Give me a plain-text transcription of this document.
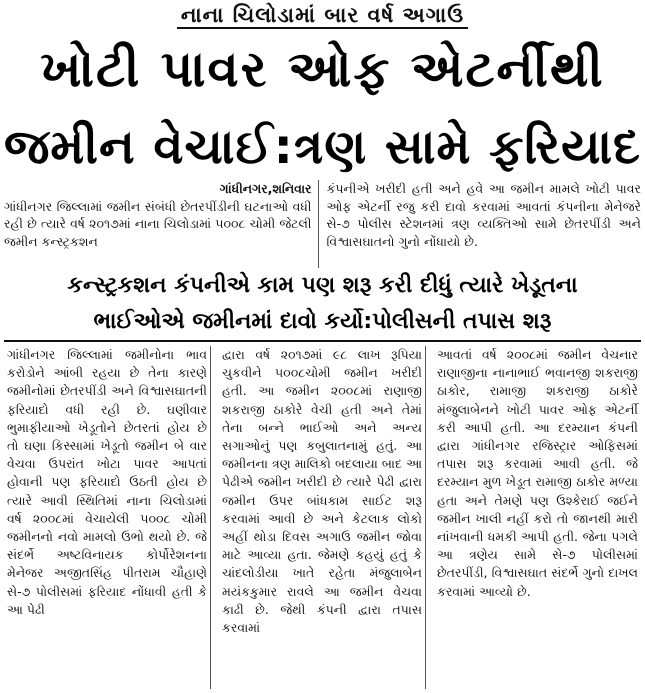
નાના ચિલોડામાં બાર વર્ષ અગાઉ
ખોટી પાવર ઓફ એટર્નીથી
જમીન વેચાઈ:ત્રણ સામે ફરિયાદ
ગાંધીનગર,શનિવાર
ગાંધીનગર જિલ્લામાં જમીન સંબંધી છેતરપીંડીની ઘટનાઓ વધી રહી છે ત્યારે વર્ષ ૨૦૧૭માં નાના ચિલોડામાં ૫૦૦૮ ચોમી જેટલી જમીન કન્સ્ટ્રકશન
કંપનીએ ખરીદી હતી અને હવે આ જમીન મામલે ખોટી પાવર ઓફ એટર્ની રજુ કરી દાવો કરવામાં આવતાં કંપનીના મેનેજરે સે-૭ પોલીસ સ્ટેશનમાં ત્રણ વ્યક્તિઓ સામે છેતરપીંડી અને વિશ્વાસઘાતનો ગુનો નોંધાયો છે.
કન્સ્ટ્રકશન કંપનીએ કામ પણ શરૂ કરી દીધું ત્યારે ખેડૂતના
ભાઈઓએ જમીનમાં દાવો કર્યો:પોલીસની તપાસ શરૂ
ગાંધીનગર જિલ્લામાં જમીનોના ભાવ કરોડોને આંબી રહયા છે તેના કારણે જમીનોમાં છેતરપીંડી અને વિશ્વાસઘાતની ફરિયાદો વધી રહી છે. ઘણીવાર ભુમાફીયાઓ ખેડૂતોને છેતરતાં હોય છે તો ઘણા કિસ્સામાં ખેડૂતો જમીન બે વાર વેચવા ઉપરાંત ખોટા પાવર આપતાં હોવાની પણ ફરિયાદો ઉઠતી હોય છે ત્યારે આવી સ્થિતિમાં નાના ચિલોડામાં વર્ષ ૨૦૦૮માં વેચાયેલી ૫૦૦૮ ચોમી જમીનનો નવો મામલો ઉભો થયો છે. જે સંદર્ભે અષ્ટવિનાયક કોર્પોરેશનના મેનેજર અજીતસિંહ પીતરામ ચૌહાણે સે-૭ પોલીસમાં ફરિયાદ નોંધાવી હતી કે આ પેઢી
દ્વારા વર્ષ ૨૦૧૭માં ૯૮ લાખ રૂપિયા ચુકવીને ૫૦૦૮ચોમી જમીન ખરીદી હતી. આ જમીન ૨૦૦૮માં રાણાજી શકરાજી ઠાકોરે વેચી હતી અને તેમાં તેના બન્ને ભાઈઓ અને અન્ય સગાઓનું પણ કબુલાતનામું હતું. આ જમીનના ત્રણ માલિકો બદલાયા બાદ આ પેઢીએ જમીન ખરીદી છે ત્યારે પેઢી દ્વારા જમીન ઉપર બાંધકામ સાઈટ શરૂ કરવામાં આવી છે અને કેટલાક લોકો અહીં થોડા દિવસ અગાઉ જમીન જોવા માટે આવ્યા હતા. જેમણે કહયું હતું કે ચાંદલોડીયા ખાતે રહેતા મંજુલાબેન મયંકકુમાર રાવલે આ જમીન વેચવા કાઢી છે. જેથી કંપની દ્વારા તપાસ કરવામાં
આવતાં વર્ષ ૨૦૦૮માં જમીન વેચનાર રાણાજીના નાનાભાઈ ભવાનજી શકરાજી ઠાકોર, રામાજી શકરાજી ઠાકોરે મંજુલાબેનને ખોટી પાવર ઓફ એટર્ની કરી આપી હતી. આ દરમ્યાન કંપની દ્વારા ગાંધીનગર રજિસ્ટ્રાર ઓફિસમાં તપાસ શરૂ કરવામાં આવી હતી. જે દરમ્યાન મુળ ખેડૂત રામાજી ઠાકોર મળ્યા હતા અને તેમણે પણ ઉશ્કેરાઈ જઈને જમીન ખાલી નહીં કરો તો જાનથી મારી નાંખવાની ધમકી આપી હતી. જેના પગલે આ ત્રણેય સામે સે-૭ પોલીસમાં છેતરપીંડી, વિશ્વાસઘાત સંદર્ભે ગુનો દાખલ કરવામાં આવ્યો છે.
